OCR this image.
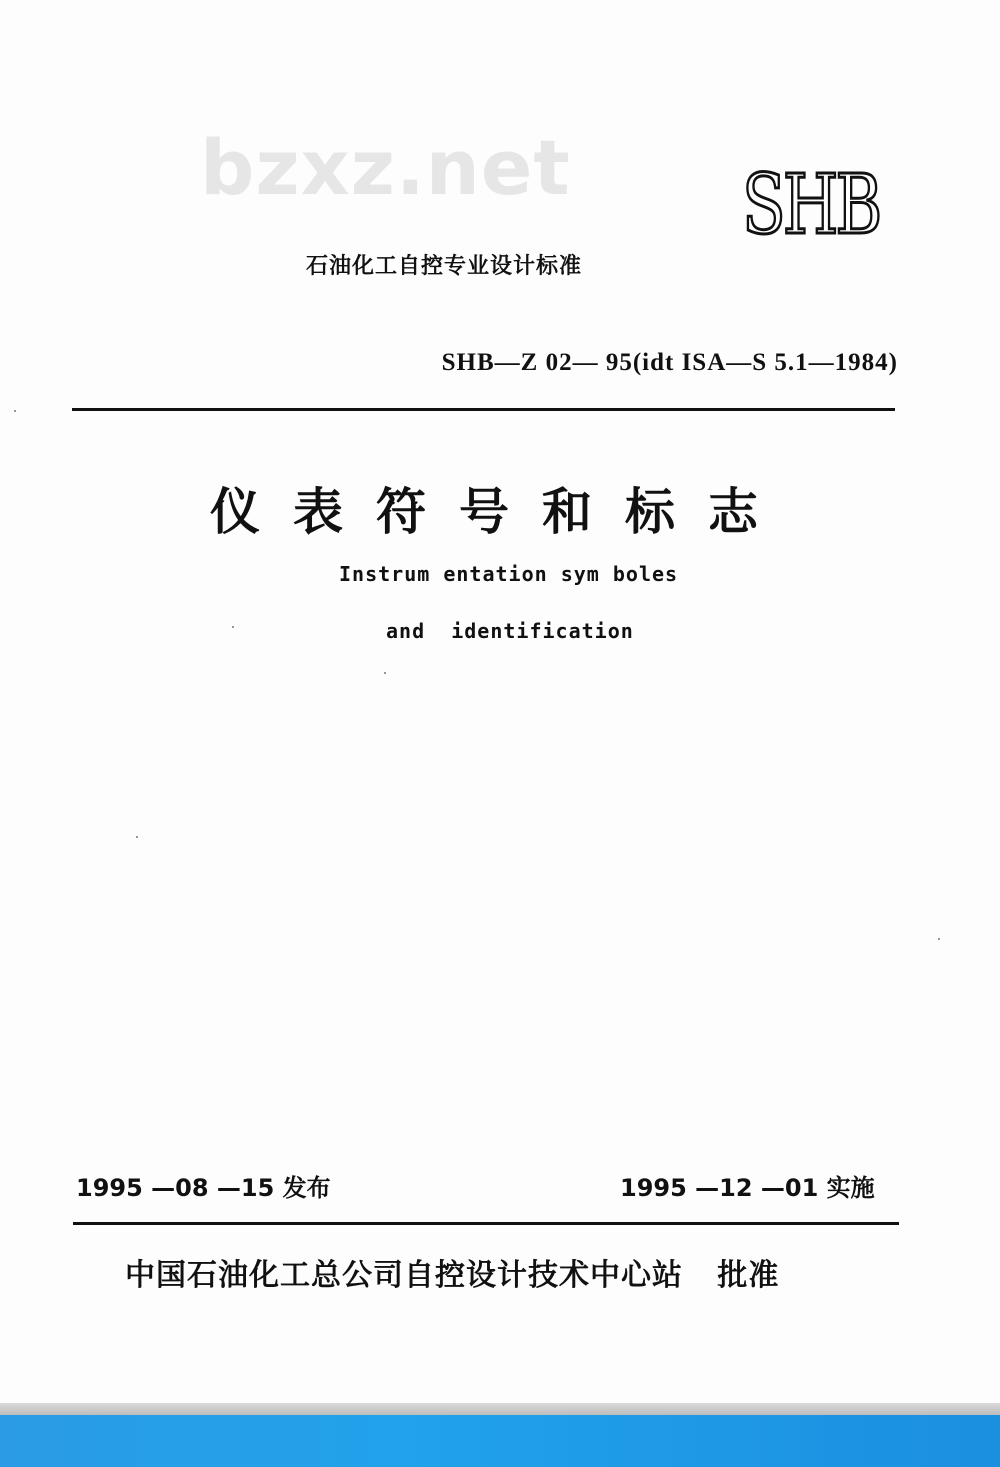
bzxz.net SHB
石油化工自控专业设计标准
SHB—Z 02— 95(idt ISA—S 5.1—1984)
仪表符号和标志
Instrum entation sym boles
and  identification
1995 —08 —15 发布	1995 —12 —01 实施
中国石油化工总公司自控设计技术中心站   批准
